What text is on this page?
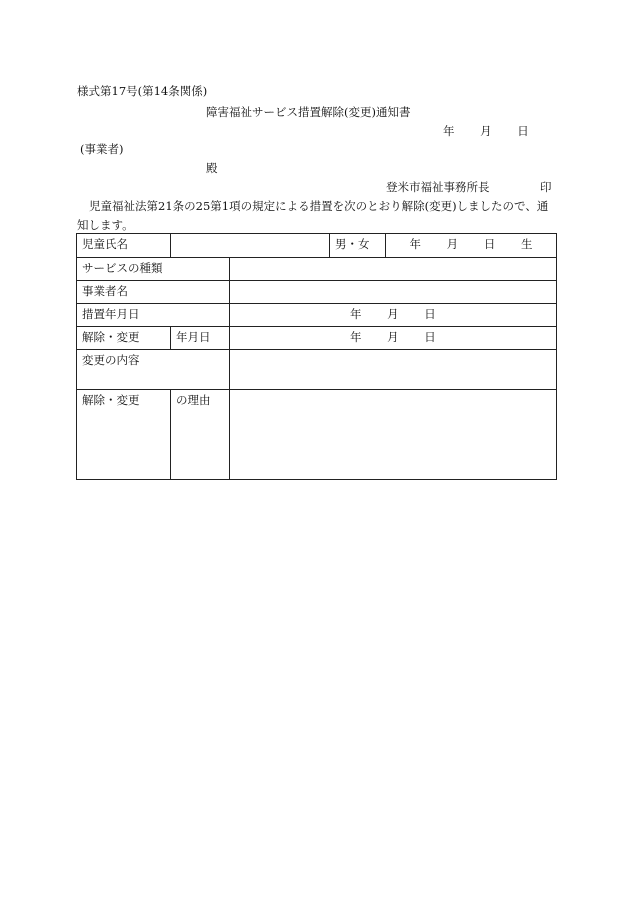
様式第17号(第14条関係)
障害福祉サービス措置解除(変更)通知書
年 月 日
(事業者)
殿
登米市福祉事務所長	印
児童福祉法第21条の25第1項の規定による措置を次のとおり解除(変更)しましたので、通知します。
児童氏名			男・女	年 月 日 生
サービスの種類				
事業者名				
措置年月日		年 月 日		
解除・変更	年月日	年 月 日		
変更の内容				
解除・変更	の理由			
